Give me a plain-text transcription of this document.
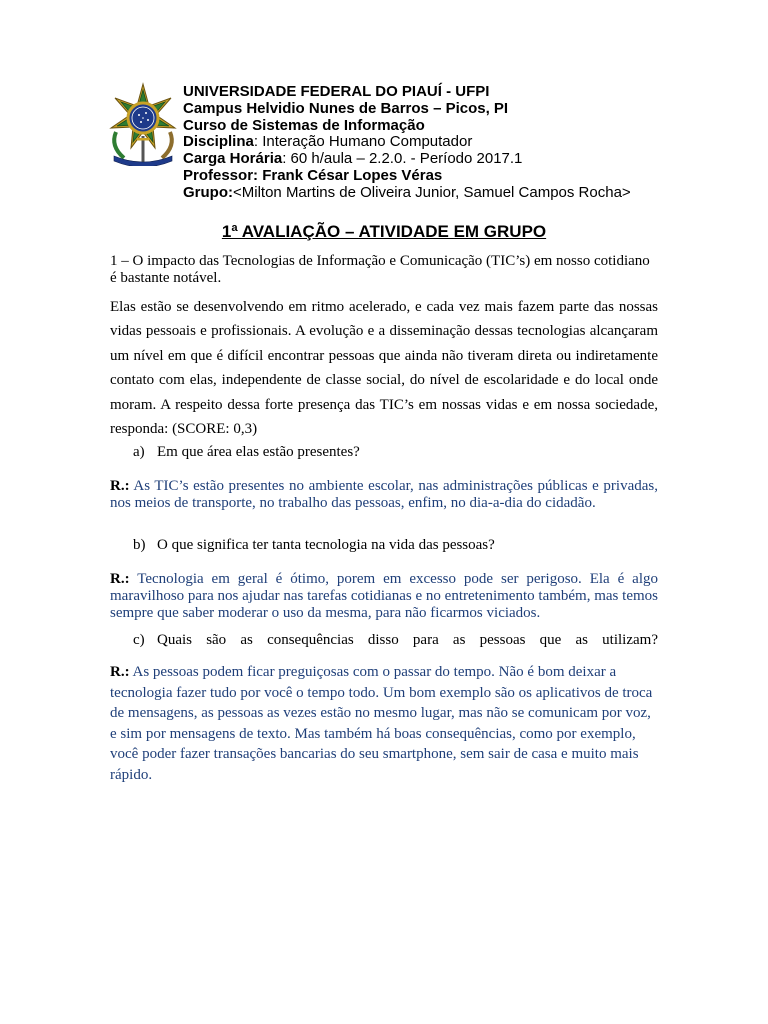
UNIVERSIDADE FEDERAL DO PIAUÍ - UFPI
Campus Helvidio Nunes de Barros – Picos, PI
Curso de Sistemas de Informação
Disciplina: Interação Humano Computador
Carga Horária: 60 h/aula – 2.2.0. - Período 2017.1
Professor: Frank César Lopes Véras
Grupo:<Milton Martins de Oliveira Junior, Samuel Campos Rocha>
1ª AVALIAÇÃO – ATIVIDADE EM GRUPO
1 – O impacto das Tecnologias de Informação e Comunicação (TIC’s) em nosso cotidiano é bastante notável.
Elas estão se desenvolvendo em ritmo acelerado, e cada vez mais fazem parte das nossas vidas pessoais e profissionais. A evolução e a disseminação dessas tecnologias alcançaram um nível em que é difícil encontrar pessoas que ainda não tiveram direta ou indiretamente contato com elas, independente de classe social, do nível de escolaridade e do local onde moram. A respeito dessa forte presença das TIC’s em nossas vidas e em nossa sociedade, responda: (SCORE: 0,3)
a) Em que área elas estão presentes?
R.: As TIC’s estão presentes no ambiente escolar, nas administrações públicas e privadas, nos meios de transporte, no trabalho das pessoas, enfim, no dia-a-dia do cidadão.
b) O que significa ter tanta tecnologia na vida das pessoas?
R.: Tecnologia em geral é ótimo, porem em excesso pode ser perigoso. Ela é algo maravilhoso para nos ajudar nas tarefas cotidianas e no entretenimento também, mas temos sempre que saber moderar o uso da mesma, para não ficarmos viciados.
c) Quais são as consequências disso para as pessoas que as utilizam?
R.: As pessoas podem ficar preguiçosas com o passar do tempo. Não é bom deixar a tecnologia fazer tudo por você o tempo todo. Um bom exemplo são os aplicativos de troca de mensagens, as pessoas as vezes estão no mesmo lugar, mas não se comunicam por voz, e sim por mensagens de texto. Mas também há boas consequências, como por exemplo, você poder fazer transações bancarias do seu smartphone, sem sair de casa e muito mais rápido.
